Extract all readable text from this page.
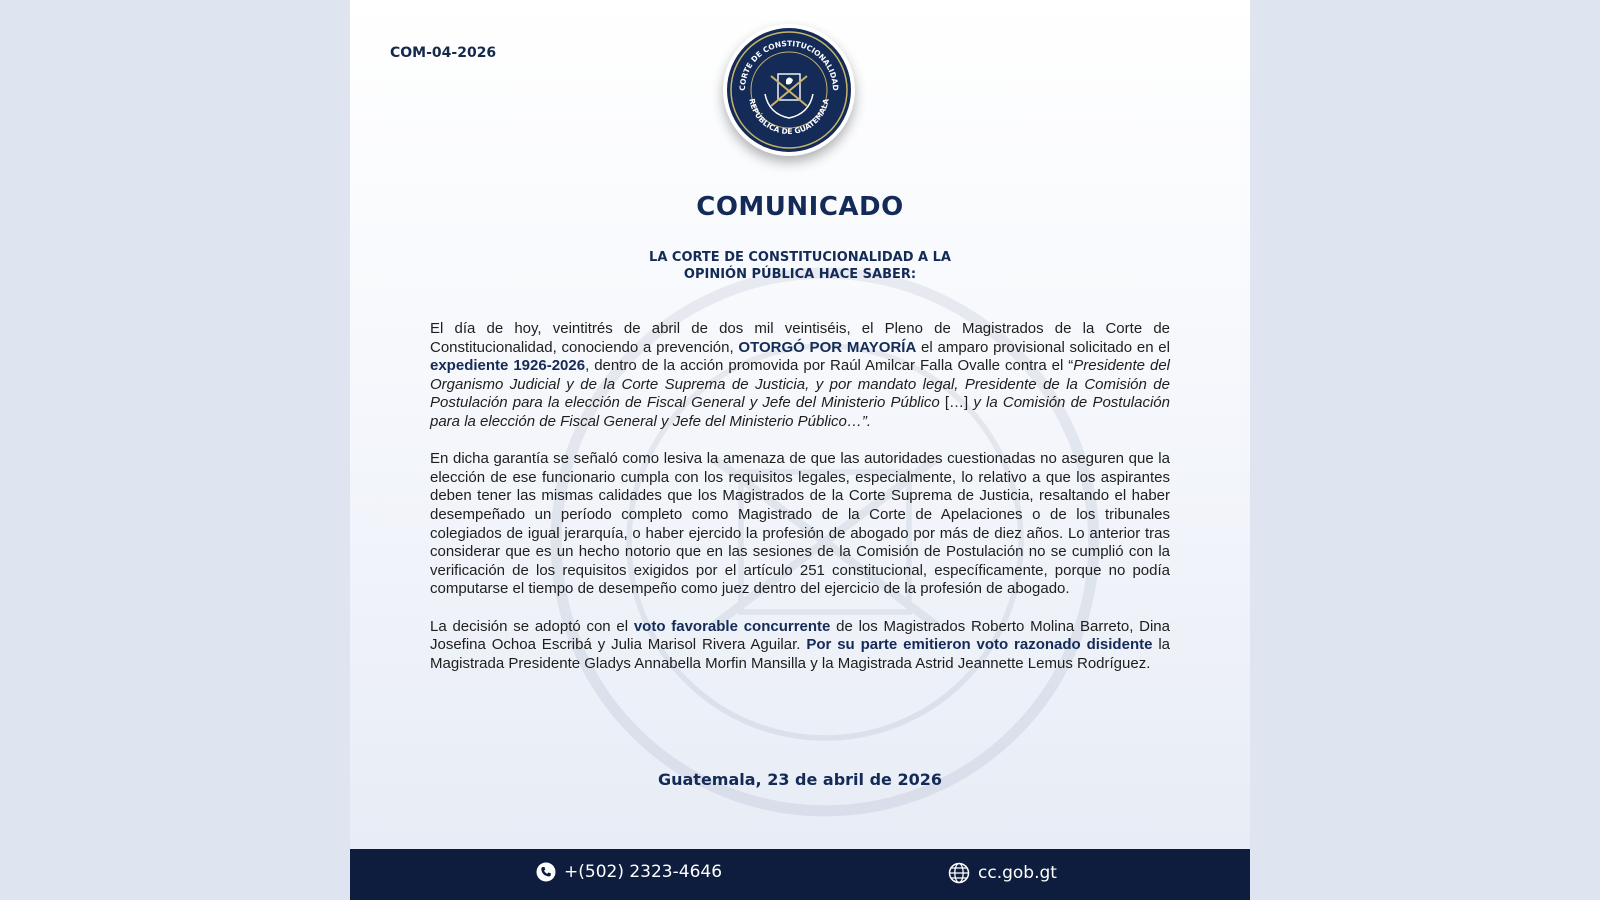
COM-04-2026
CORTE DE CONSTITUCIONALIDAD
REPÚBLICA DE GUATEMALA
COMUNICADO
LA CORTE DE CONSTITUCIONALIDAD A LA
OPINIÓN PÚBLICA HACE SABER:

El día de hoy, veintitrés de abril de dos mil veintiséis, el Pleno de Magistrados de la Corte de Constitucionalidad, conociendo a prevención, OTORGÓ POR MAYORÍA el amparo provisional solicitado en el expediente 1926-2026, dentro de la acción promovida por Raúl Amilcar Falla Ovalle contra el “Presidente del Organismo Judicial y de la Corte Suprema de Justicia, y por mandato legal, Presidente de la Comisión de Postulación para la elección de Fiscal General y Jefe del Ministerio Público […] y la Comisión de Postulación para la elección de Fiscal General y Jefe del Ministerio Público…”.

En dicha garantía se señaló como lesiva la amenaza de que las autoridades cuestionadas no aseguren que la elección de ese funcionario cumpla con los requisitos legales, especialmente, lo relativo a que los aspirantes deben tener las mismas calidades que los Magistrados de la Corte Suprema de Justicia, resaltando el haber desempeñado un período completo como Magistrado de la Corte de Apelaciones o de los tribunales colegiados de igual jerarquía, o haber ejercido la profesión de abogado por más de diez años. Lo anterior tras considerar que es un hecho notorio que en las sesiones de la Comisión de Postulación no se cumplió con la verificación de los requisitos exigidos por el artículo 251 constitucional, específicamente, porque no podía computarse el tiempo de desempeño como juez dentro del ejercicio de la profesión de abogado.

La decisión se adoptó con el voto favorable concurrente de los Magistrados Roberto Molina Barreto, Dina Josefina Ochoa Escribá y Julia Marisol Rivera Aguilar. Por su parte emitieron voto razonado disidente la Magistrada Presidente Gladys Annabella Morfin Mansilla y la Magistrada Astrid Jeannette Lemus Rodríguez.

Guatemala, 23 de abril de 2026
+(502) 2323-4646	cc.gob.gt
